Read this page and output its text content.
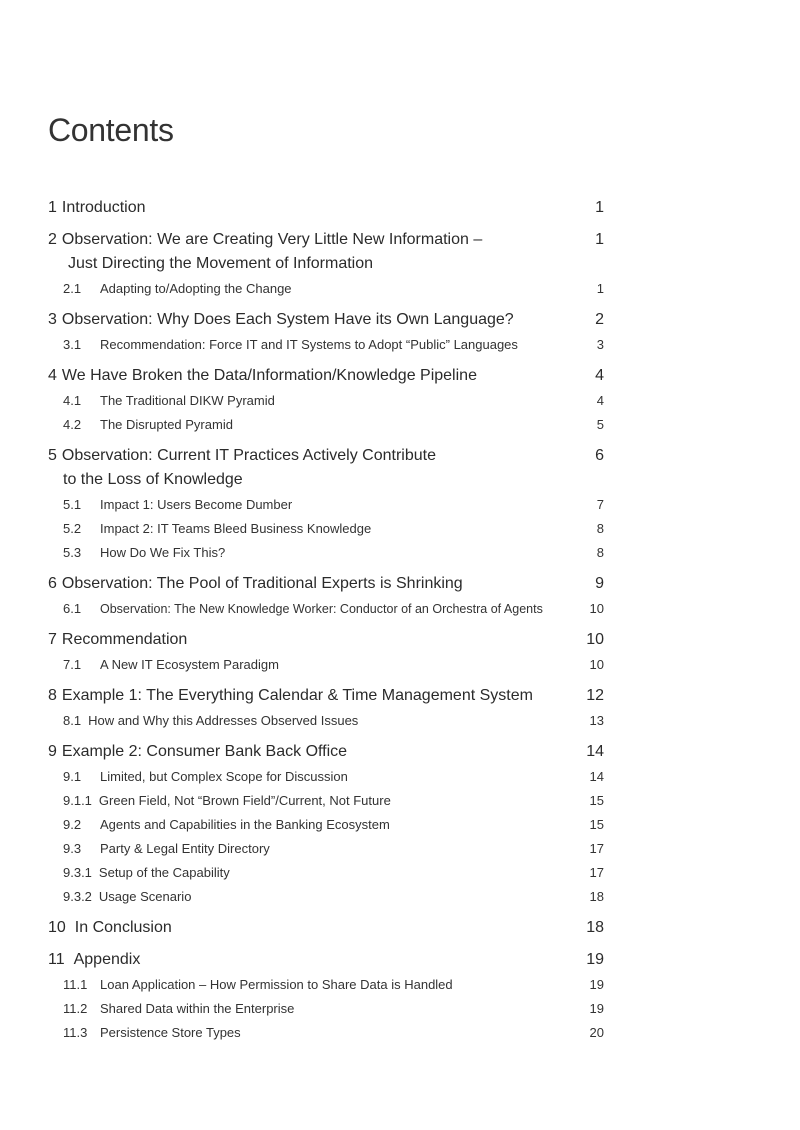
Contents
1 Introduction	1
2 Observation: We are Creating Very Little New Information –	1
Just Directing the Movement of Information
2.1	Adapting to/Adopting the Change	1
3 Observation: Why Does Each System Have its Own Language?	2
3.1	Recommendation: Force IT and IT Systems to Adopt “Public” Languages	3
4 We Have Broken the Data/Information/Knowledge Pipeline	4
4.1	The Traditional DIKW Pyramid	4
4.2	The Disrupted Pyramid	5
5 Observation: Current IT Practices Actively Contribute	6
to the Loss of Knowledge
5.1	Impact 1: Users Become Dumber	7
5.2	Impact 2: IT Teams Bleed Business Knowledge	8
5.3	How Do We Fix This?	8
6 Observation: The Pool of Traditional Experts is Shrinking	9
6.1	Observation: The New Knowledge Worker: Conductor of an Orchestra of Agents	10
7 Recommendation	10
7.1	A New IT Ecosystem Paradigm	10
8 Example 1: The Everything Calendar & Time Management System	12
8.1 How and Why this Addresses Observed Issues	13
9 Example 2: Consumer Bank Back Office	14
9.1	Limited, but Complex Scope for Discussion	14
9.1.1 Green Field, Not “Brown Field”/Current, Not Future	15
9.2	Agents and Capabilities in the Banking Ecosystem	15
9.3	Party & Legal Entity Directory	17
9.3.1 Setup of the Capability	17
9.3.2 Usage Scenario	18
10 In Conclusion	18
11 Appendix	19
11.1 Loan Application – How Permission to Share Data is Handled	19
11.2 Shared Data within the Enterprise	19
11.3 Persistence Store Types	20
